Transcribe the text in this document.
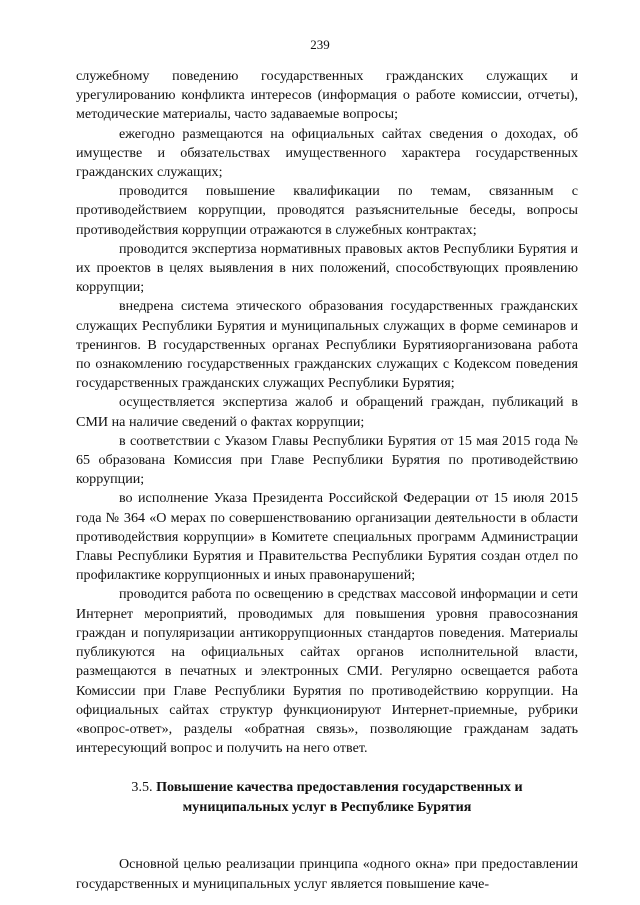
239

служебному поведению государственных гражданских служащих и урегулированию конфликта интересов (информация о работе комиссии, отчеты), методические материалы, часто задаваемые вопросы;

ежегодно размещаются на официальных сайтах сведения о доходах, об имуществе и обязательствах имущественного характера государственных гражданских служащих;

проводится повышение квалификации по темам, связанным с противодействием коррупции, проводятся разъяснительные беседы, вопросы противодействия коррупции отражаются в служебных контрактах;

проводится экспертиза нормативных правовых актов Республики Бурятия и их проектов в целях выявления в них положений, способствующих проявлению коррупции;

внедрена система этического образования государственных гражданских служащих Республики Бурятия и муниципальных служащих в форме семинаров и тренингов. В государственных органах Республики Бурятияорганизована работа по ознакомлению государственных гражданских служащих с Кодексом поведения государственных гражданских служащих Республики Бурятия;

осуществляется экспертиза жалоб и обращений граждан, публикаций в СМИ на наличие сведений о фактах коррупции;

в соответствии с Указом Главы Республики Бурятия от 15 мая 2015 года № 65 образована Комиссия при Главе Республики Бурятия по противодействию коррупции;

во исполнение Указа Президента Российской Федерации от 15 июля 2015 года № 364 «О мерах по совершенствованию организации деятельности в области противодействия коррупции» в Комитете специальных программ Администрации Главы Республики Бурятия и Правительства Республики Бурятия создан отдел по профилактике коррупционных и иных правонарушений;

проводится работа по освещению в средствах массовой информации и сети Интернет мероприятий, проводимых для повышения уровня правосознания граждан и популяризации антикоррупционных стандартов поведения. Материалы публикуются на официальных сайтах органов исполнительной власти, размещаются в печатных и электронных СМИ. Регулярно освещается работа Комиссии при Главе Республики Бурятия по противодействию коррупции. На официальных сайтах структур функционируют Интернет-приемные, рубрики «вопрос-ответ», разделы «обратная связь», позволяющие гражданам задать интересующий вопрос и получить на него ответ.

3.5. Повышение качества предоставления государственных и
муниципальных услуг в Республике Бурятия

Основной целью реализации принципа «одного окна» при предоставлении государственных и муниципальных услуг является повышение каче-
